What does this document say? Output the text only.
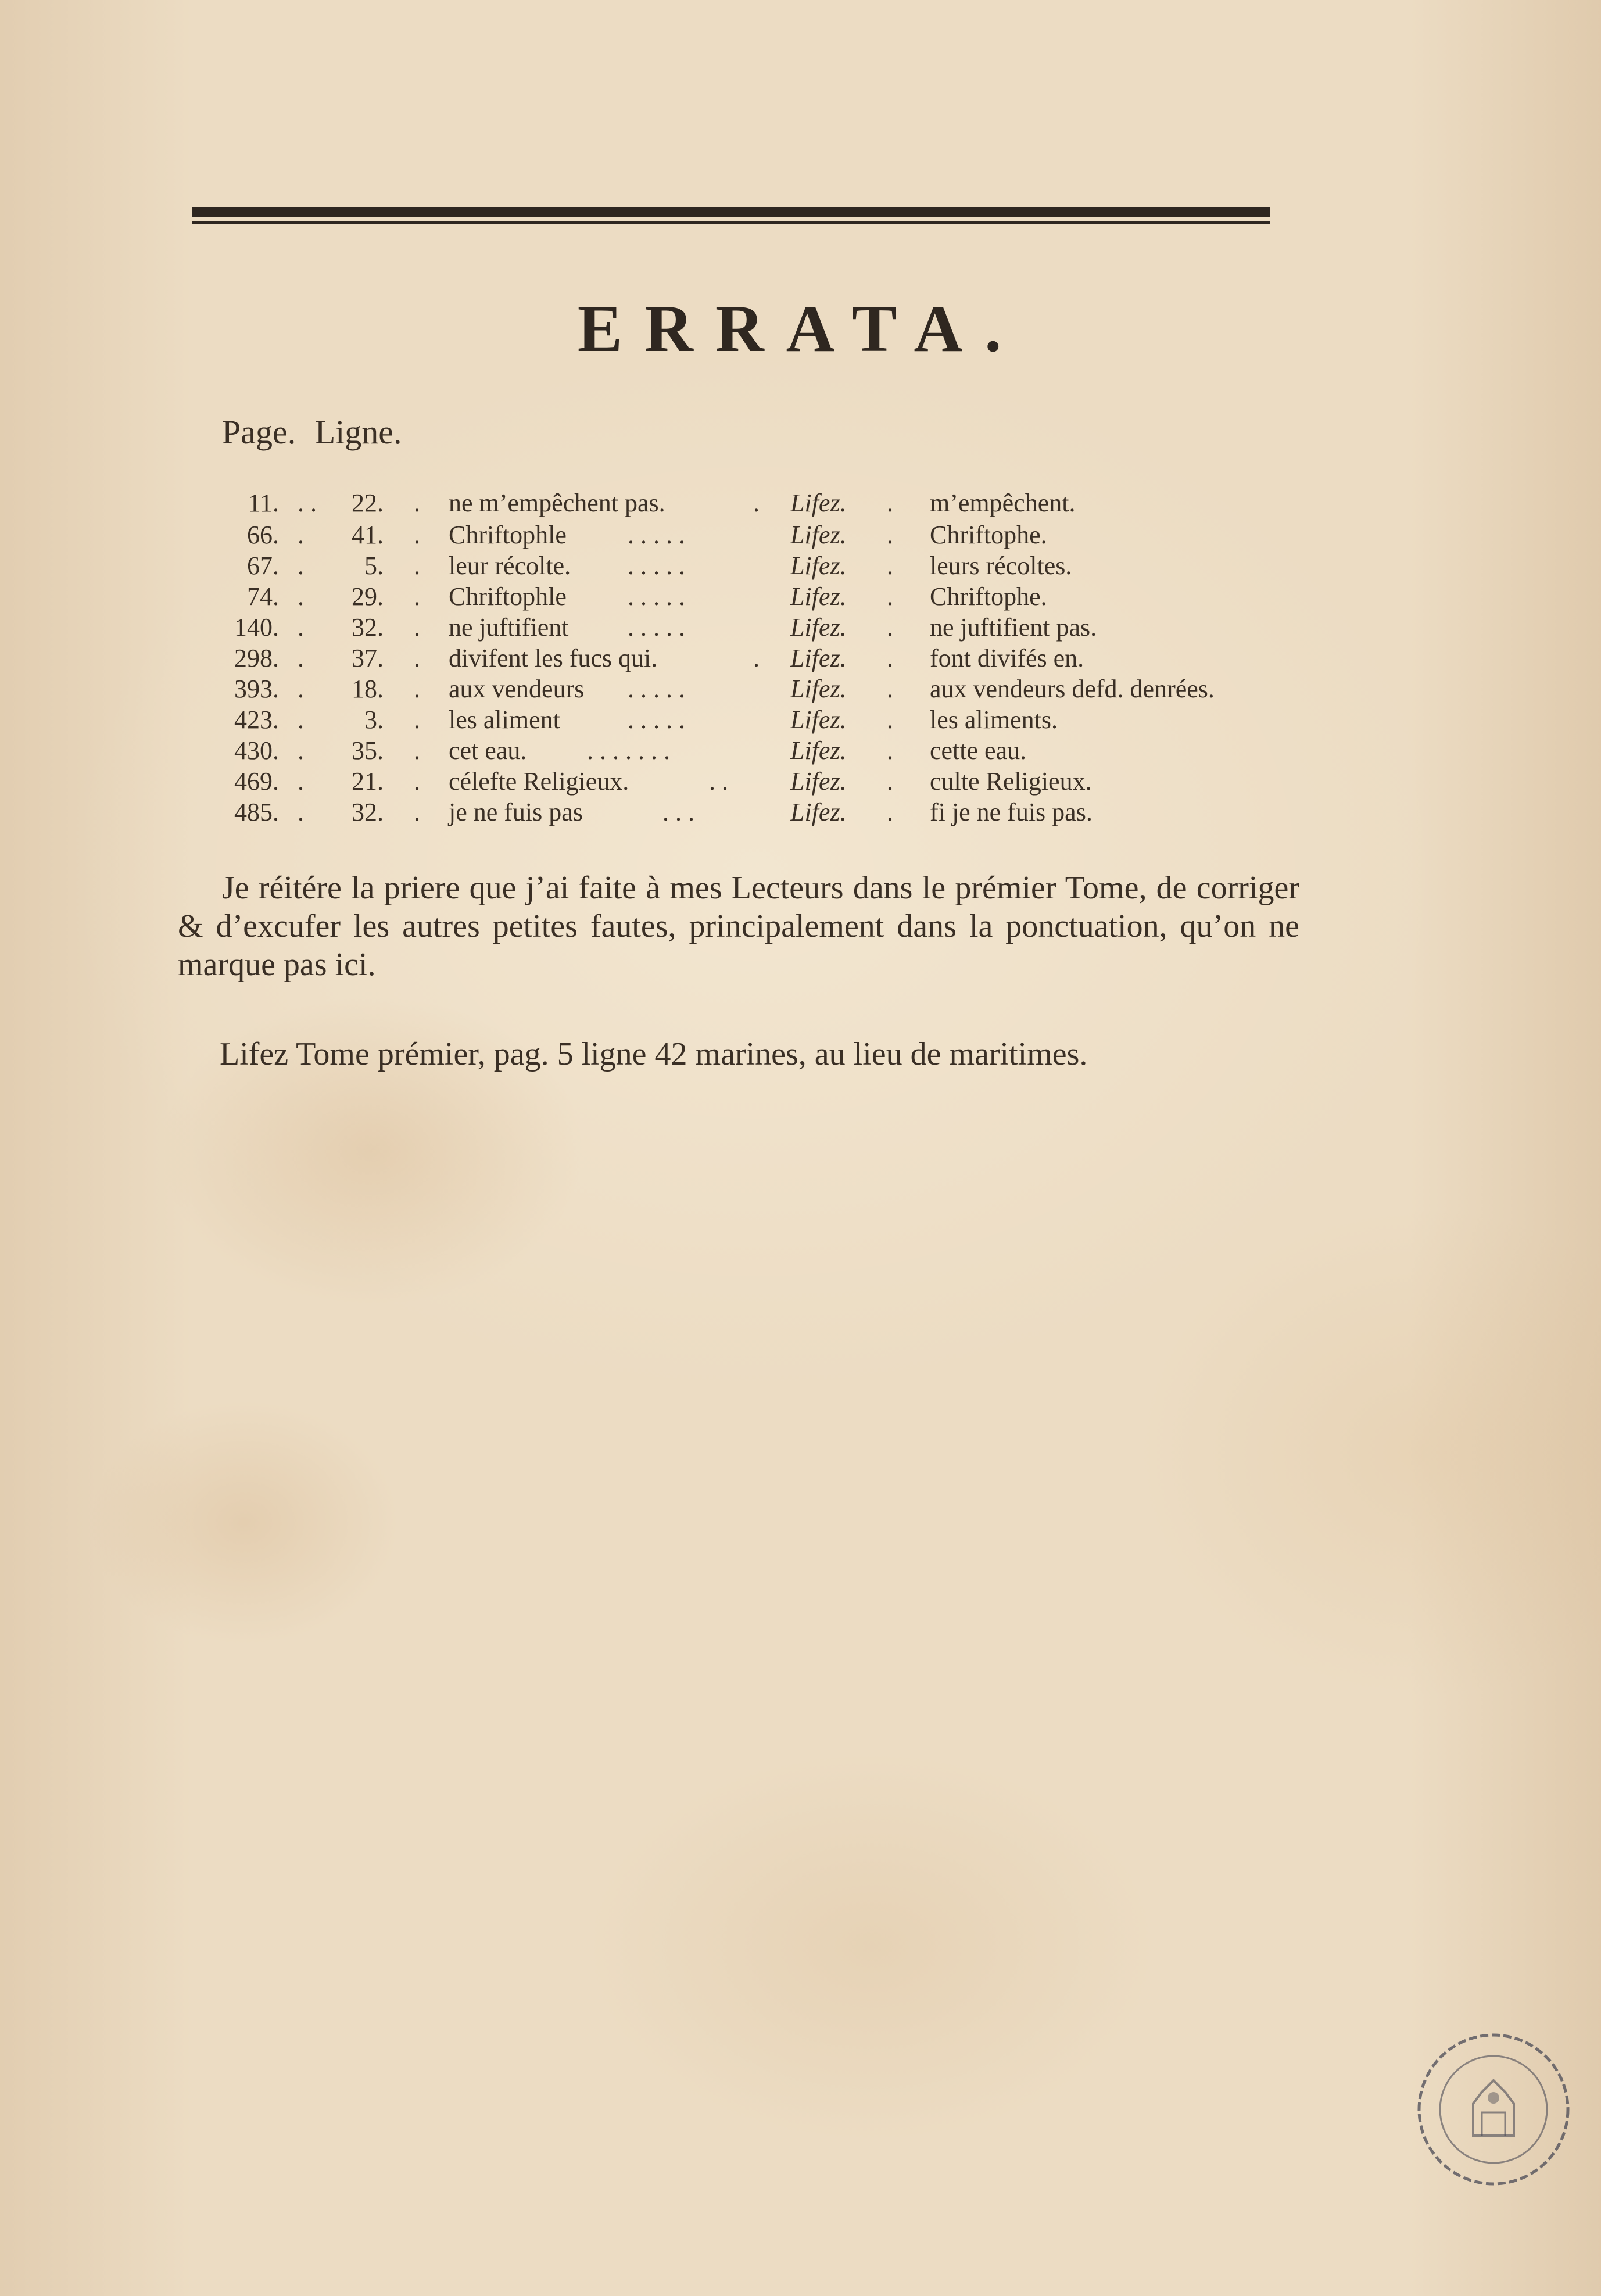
ERRATA.
Page. Ligne.
11. . .	22. . ne m’empêchent pas.	. Lifez. . m’empêchent.
66. .	41. . Chriftophle . . . . .	Lifez. . Chriftophe.
67. .	5. . leur récolte. . . . . .	Lifez. . leurs récoltes.
74. .	29. . Chriftophle . . . . .	Lifez. . Chriftophe.
140. .	32. . ne juftifient . . . . .	Lifez. . ne juftifient pas.
298. .	37. . divifent les fucs qui.	. Lifez. . font divifés en.
393. .	18. . aux vendeurs . . . . .	Lifez. . aux vendeurs defd. denrées.
423. .	3. . les aliment	. . . . .	Lifez. . les aliments.
430. .	35. . cet eau. . . . . . . .	Lifez. . cette eau.
469. .	21. . célefte Religieux.	. . Lifez. . culte Religieux.
485. .	32. . je ne fuis pas	. . .	Lifez. . fi je ne fuis pas.
Je réitére la priere que j’ai faite à mes Lecteurs dans le prémier Tome, de corriger & d’excufer les autres petites fautes, principalement dans la ponctuation, qu’on ne marque pas ici.
Lifez Tome prémier, pag. 5 ligne 42 marines, au lieu de maritimes.
